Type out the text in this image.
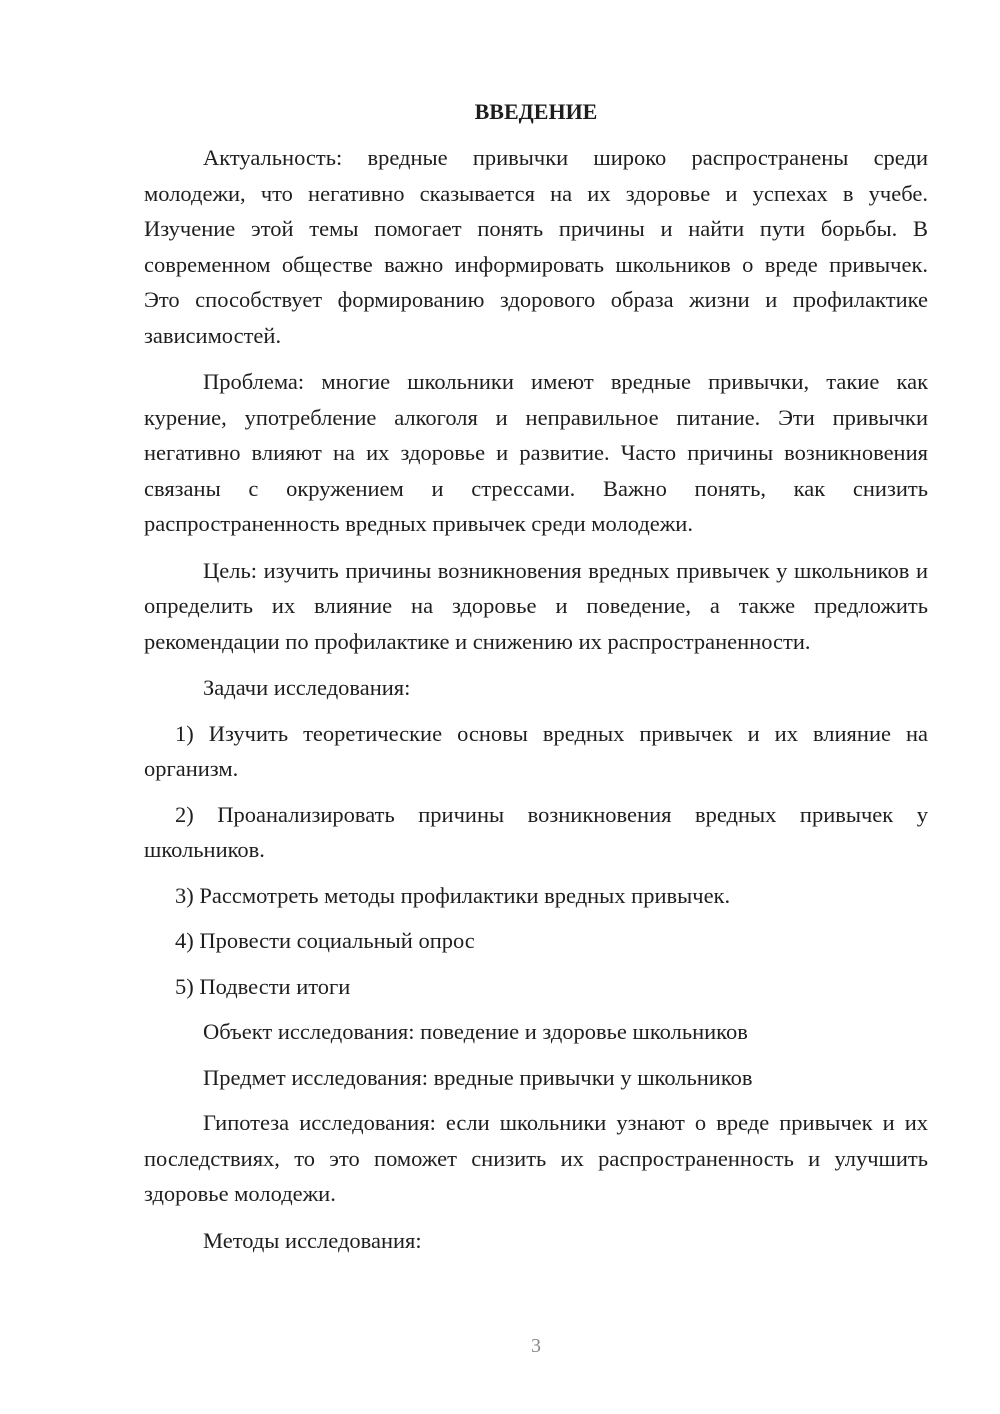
ВВЕДЕНИЕ

Актуальность: вредные привычки широко распространены среди молодежи, что негативно сказывается на их здоровье и успехах в учебе. Изучение этой темы помогает понять причины и найти пути борьбы. В современном обществе важно информировать школьников о вреде привычек. Это способствует формированию здорового образа жизни и профилактике зависимостей.

Проблема: многие школьники имеют вредные привычки, такие как курение, употребление алкоголя и неправильное питание. Эти привычки негативно влияют на их здоровье и развитие. Часто причины возникновения связаны с окружением и стрессами. Важно понять, как снизить распространенность вредных привычек среди молодежи.

Цель: изучить причины возникновения вредных привычек у школьников и определить их влияние на здоровье и поведение, а также предложить рекомендации по профилактике и снижению их распространенности.

Задачи исследования:

1) Изучить теоретические основы вредных привычек и их влияние на организм.

2) Проанализировать причины возникновения вредных привычек у школьников.

3) Рассмотреть методы профилактики вредных привычек.

4) Провести социальный опрос

5) Подвести итоги

Объект исследования: поведение и здоровье школьников

Предмет исследования: вредные привычки у школьников

Гипотеза исследования: если школьники узнают о вреде привычек и их последствиях, то это поможет снизить их распространенность и улучшить здоровье молодежи.

Методы исследования:

3
